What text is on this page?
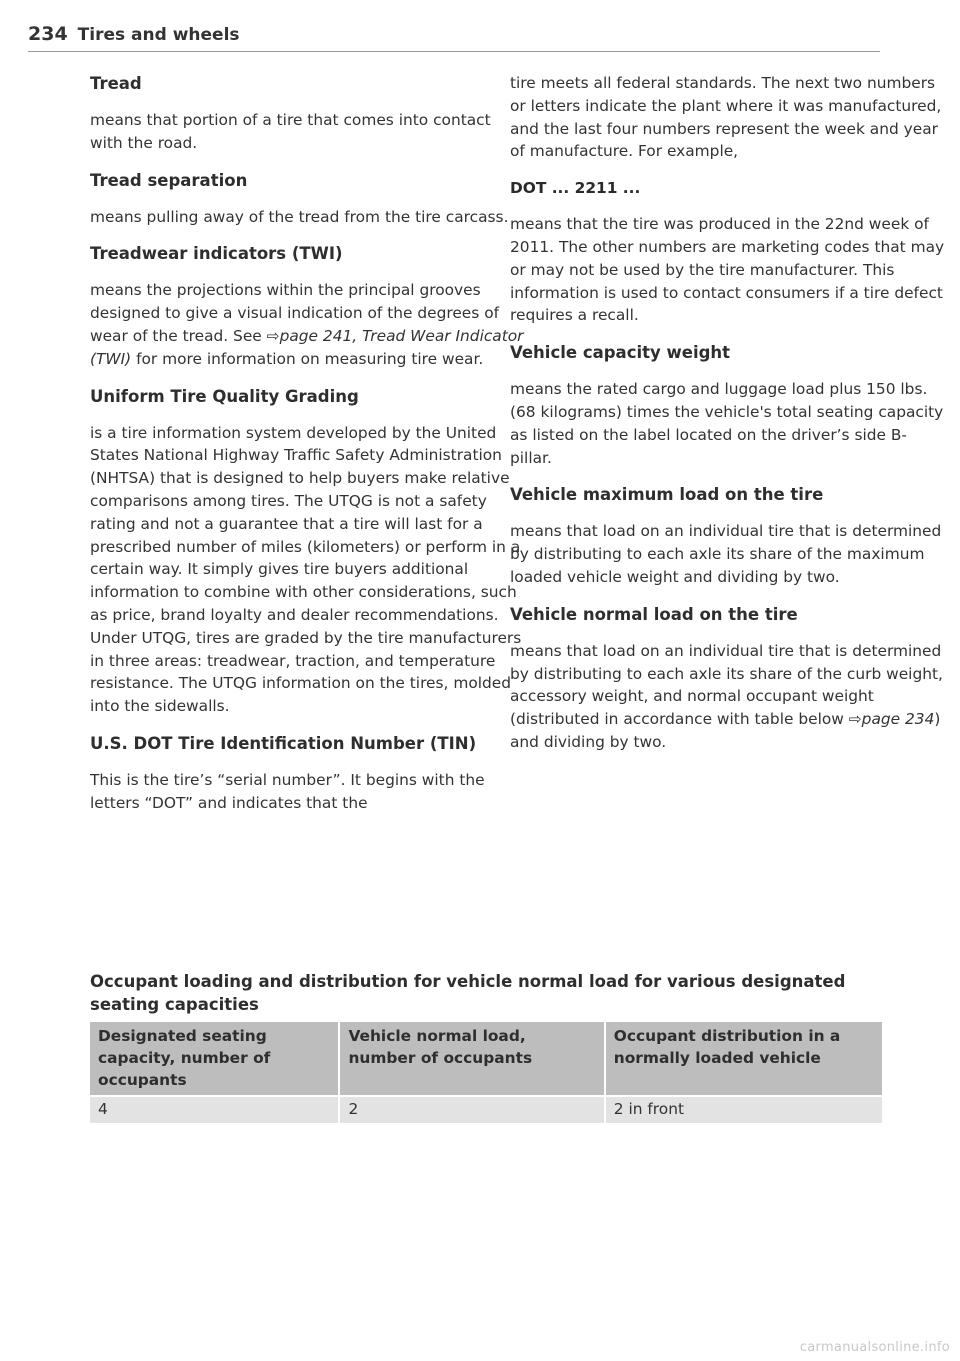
234 Tires and wheels
Tread

means that portion of a tire that comes into contact with the road.

Tread separation

means pulling away of the tread from the tire carcass.

Treadwear indicators (TWI)

means the projections within the principal grooves designed to give a visual indication of the degrees of wear of the tread. See ⇨page 241, Tread Wear Indicator (TWI) for more information on measuring tire wear.

Uniform Tire Quality Grading

is a tire information system developed by the United States National Highway Traffic Safety Administration (NHTSA) that is designed to help buyers make relative comparisons among tires. The UTQG is not a safety rating and not a guarantee that a tire will last for a prescribed number of miles (kilometers) or perform in a certain way. It simply gives tire buyers additional information to combine with other considerations, such as price, brand loyalty and dealer recommendations. Under UTQG, tires are graded by the tire manufacturers in three areas: treadwear, traction, and temperature resistance. The UTQG information on the tires, molded into the sidewalls.

U.S. DOT Tire Identification Number (TIN)

This is the tire’s “serial number”. It begins with the letters “DOT” and indicates that the

tire meets all federal standards. The next two numbers or letters indicate the plant where it was manufactured, and the last four numbers represent the week and year of manufacture. For example,

DOT ... 2211 ...

means that the tire was produced in the 22nd week of 2011. The other numbers are marketing codes that may or may not be used by the tire manufacturer. This information is used to contact consumers if a tire defect requires a recall.

Vehicle capacity weight

means the rated cargo and luggage load plus 150 lbs. (68 kilograms) times the vehicle's total seating capacity as listed on the label located on the driver’s side B-pillar.

Vehicle maximum load on the tire

means that load on an individual tire that is determined by distributing to each axle its share of the maximum loaded vehicle weight and dividing by two.

Vehicle normal load on the tire

means that load on an individual tire that is determined by distributing to each axle its share of the curb weight, accessory weight, and normal occupant weight (distributed in accordance with table below ⇨page 234) and dividing by two.

Occupant loading and distribution for vehicle normal load for various designated seating capacities
Designated seating capacity, number of occupants	Vehicle normal load, number of occupants	Occupant distribution in a normally loaded vehicle
4	2	2 in front
carmanualsonline.info
